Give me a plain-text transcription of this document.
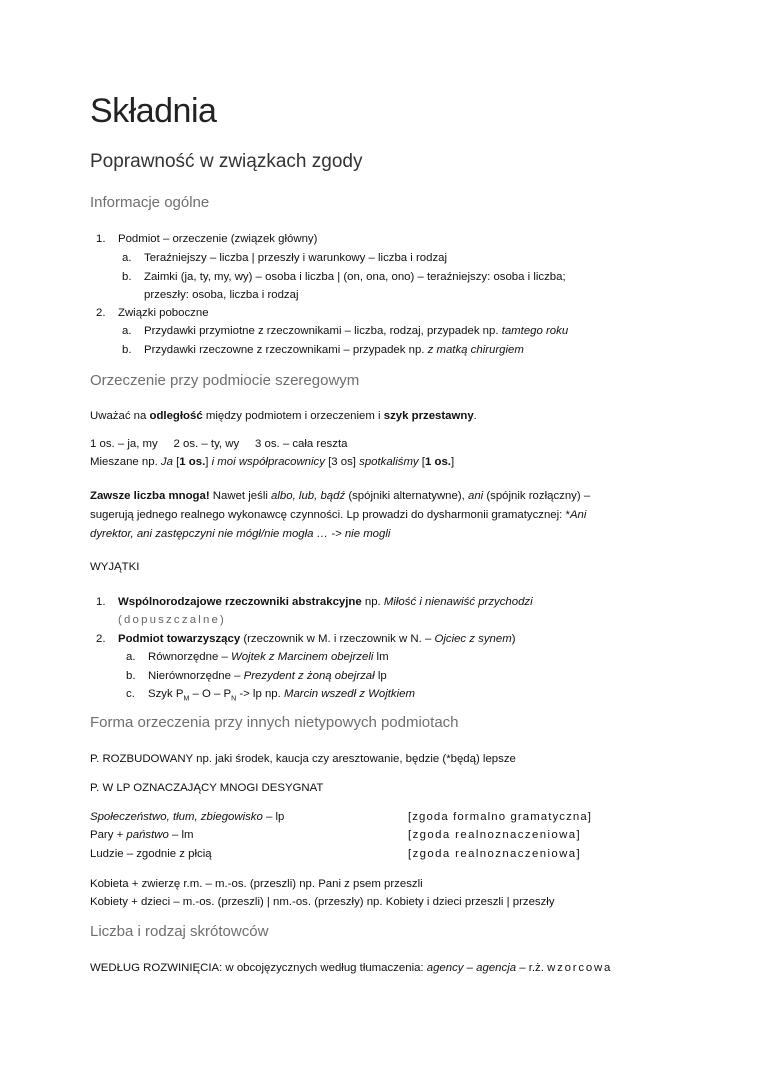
Składnia
Poprawność w związkach zgody
Informacje ogólne
1. Podmiot – orzeczenie (związek główny)
a. Teraźniejszy – liczba | przeszły i warunkowy – liczba i rodzaj
b. Zaimki (ja, ty, my, wy) – osoba i liczba | (on, ona, ono) – teraźniejszy: osoba i liczba;
przeszły: osoba, liczba i rodzaj
2. Związki poboczne
a. Przydawki przymiotne z rzeczownikami – liczba, rodzaj, przypadek np. tamtego roku
b. Przydawki rzeczowne z rzeczownikami – przypadek np. z matką chirurgiem
Orzeczenie przy podmiocie szeregowym
Uważać na odległość między podmiotem i orzeczeniem i szyk przestawny.
1 os. – ja, my     2 os. – ty, wy     3 os. – cała reszta
Mieszane np. Ja [1 os.] i moi współpracownicy [3 os] spotkaliśmy [1 os.]
Zawsze liczba mnoga! Nawet jeśli albo, lub, bądź (spójniki alternatywne), ani (spójnik rozłączny) –
sugerują jednego realnego wykonawcę czynności. Lp prowadzi do dysharmonii gramatycznej: *Ani
dyrektor, ani zastępczyni nie mógł/nie mogła … -> nie mogli
WYJĄTKI
1. Wspólnorodzajowe rzeczowniki abstrakcyjne np. Miłość i nienawiść przychodzi
(dopuszczalne)
2. Podmiot towarzyszący (rzeczownik w M. i rzeczownik w N. – Ojciec z synem)
a. Równorzędne – Wojtek z Marcinem obejrzeli lm
b. Nierównorzędne – Prezydent z żoną obejrzał lp
c. Szyk $P_M$ – O – $P_N$ -> lp np. Marcin wszedł z Wojtkiem
Forma orzeczenia przy innych nietypowych podmiotach
P. ROZBUDOWANY np. jaki środek, kaucja czy aresztowanie, będzie (*będą) lepsze
P. W LP OZNACZAJĄCY MNOGI DESYGNAT
Społeczeństwo, tłum, zbiegowisko – lp	[zgoda formalno gramatyczna]
Pary + państwo – lm	[zgoda realnoznaczeniowa]
Ludzie – zgodnie z płcią	[zgoda realnoznaczeniowa]
Kobieta + zwierzę r.m. – m.-os. (przeszli) np. Pani z psem przeszli
Kobiety + dzieci – m.-os. (przeszli) | nm.-os. (przeszły) np. Kobiety i dzieci przeszli | przeszły
Liczba i rodzaj skrótowców
WEDŁUG ROZWINIĘCIA: w obcojęzycznych według tłumaczenia: agency – agencja – r.ż. wzorcowa
